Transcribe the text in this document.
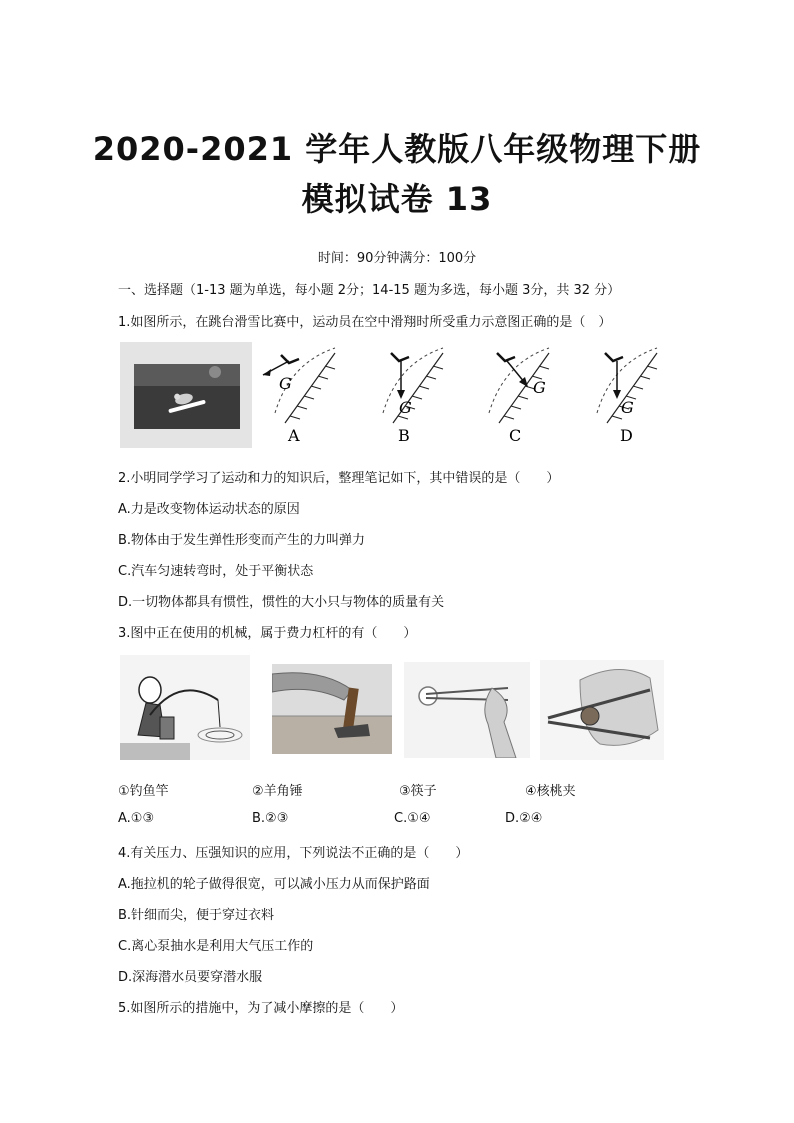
2020-2021 学年人教版八年级物理下册
模拟试卷 13

时间：90分钟满分：100分

一、选择题（1-13 题为单选，每小题 2分；14-15 题为多选，每小题 3分，共 32 分）

1.如图所示，在跳台滑雪比赛中，运动员在空中滑翔时所受重力示意图正确的是（　）

G
A
G
B
G
C
G
D

2.小明同学学习了运动和力的知识后，整理笔记如下，其中错误的是（　　）

A.力是改变物体运动状态的原因

B.物体由于发生弹性形变而产生的力叫弹力

C.汽车匀速转弯时，处于平衡状态

D.一切物体都具有惯性，惯性的大小只与物体的质量有关

3.图中正在使用的机械，属于费力杠杆的有（　　）

①钓鱼竿	②羊角锤	③筷子	④核桃夹

A.①③	B.②③	C.①④	D.②④

4.有关压力、压强知识的应用，下列说法不正确的是（　　）

A.拖拉机的轮子做得很宽，可以减小压力从而保护路面

B.针细而尖，便于穿过衣料

C.离心泵抽水是利用大气压工作的

D.深海潜水员要穿潜水服

5.如图所示的措施中，为了减小摩擦的是（　　）
